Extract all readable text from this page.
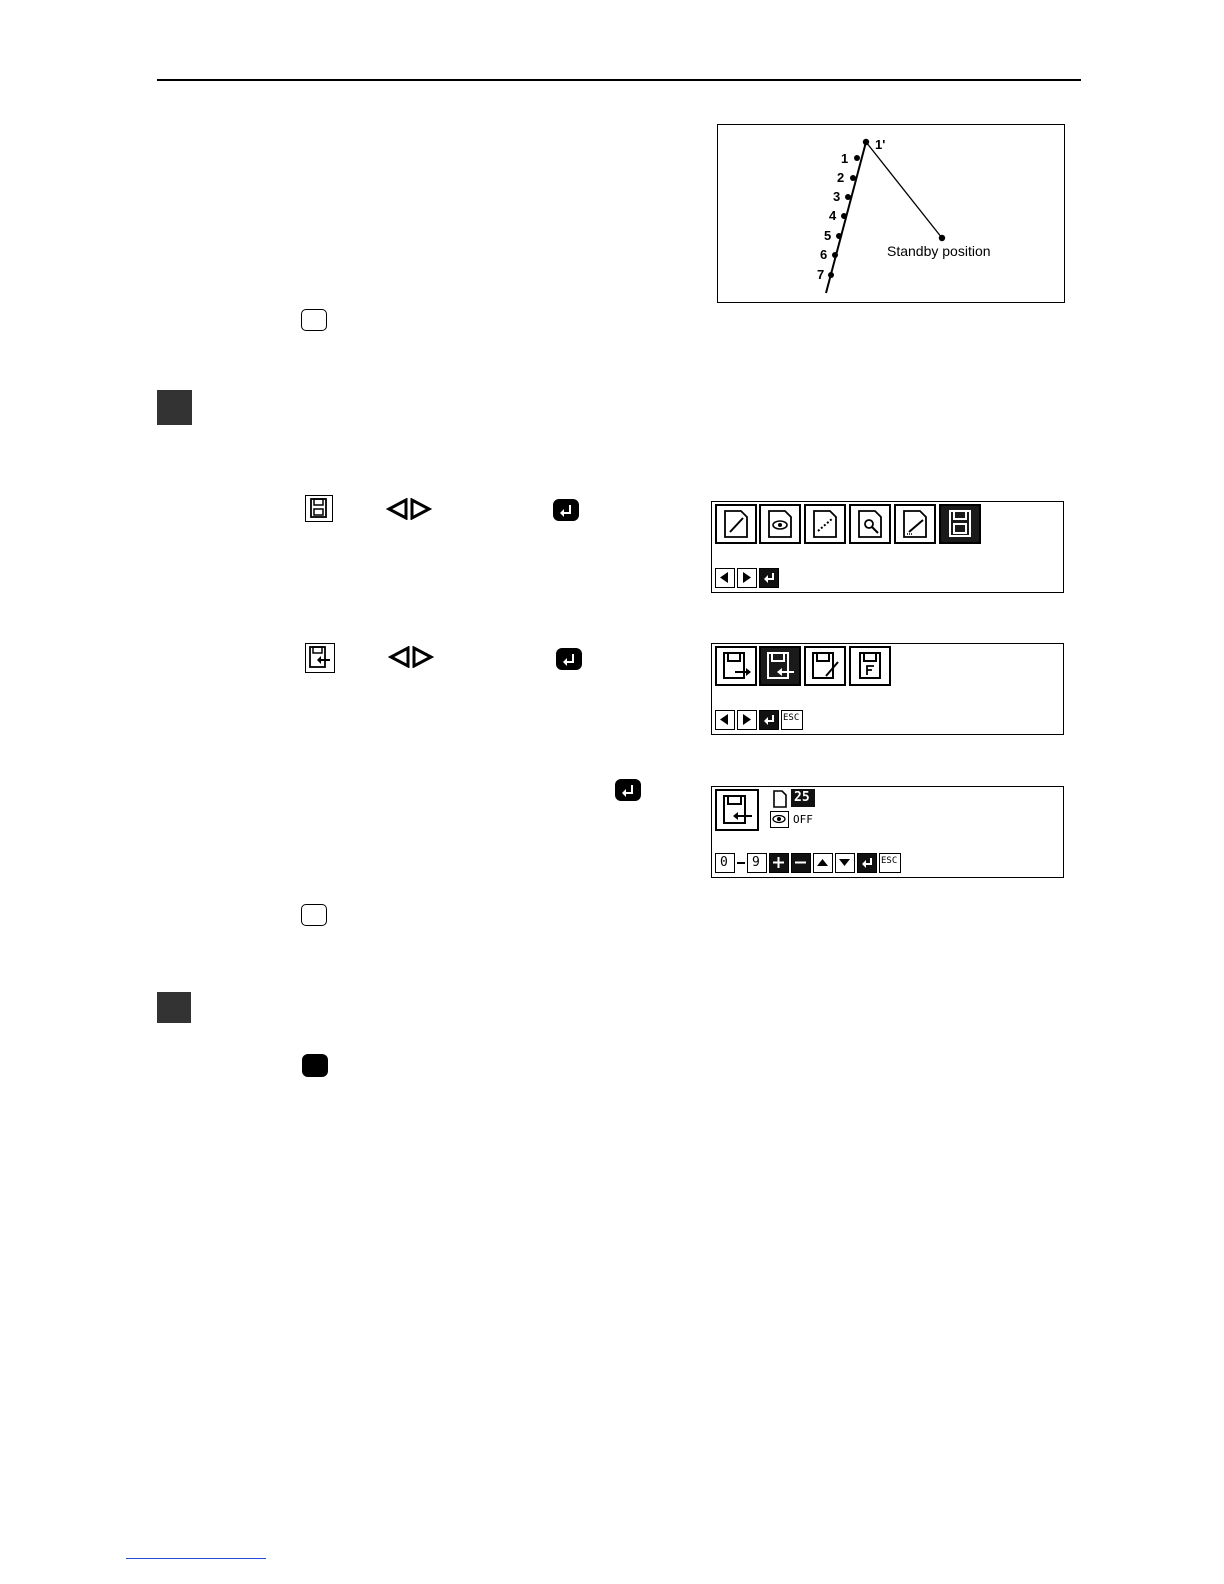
1'
1
2
3
4
5
6
7
Standby position
ESC
25
OFF
0 9	ESC
